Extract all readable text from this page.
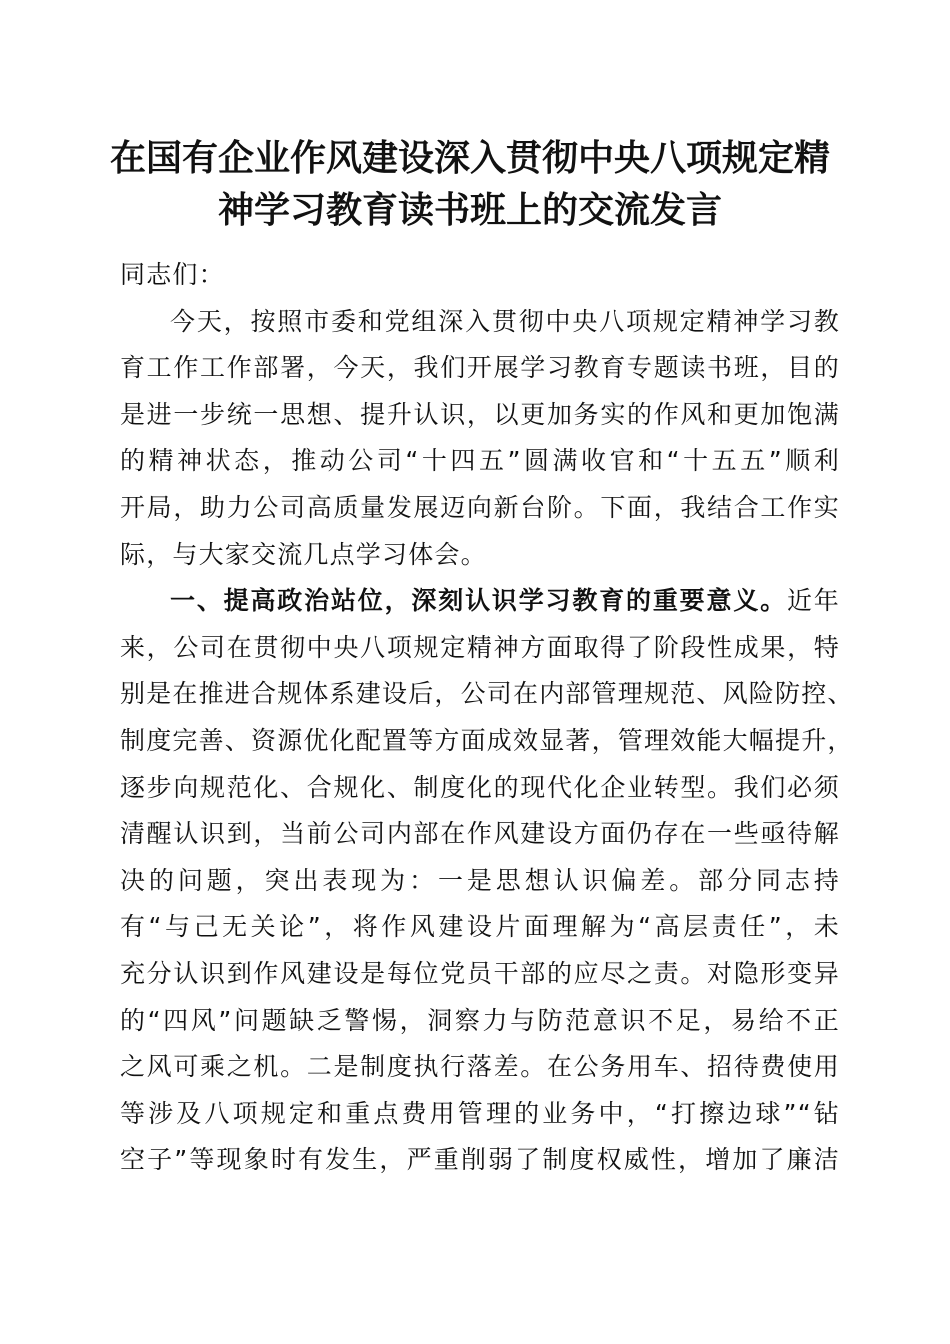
在国有企业作风建设深入贯彻中央八项规定精
神学习教育读书班上的交流发言

同志们：

今天，按照市委和党组深入贯彻中央八项规定精神学习教
育工作工作部署，今天，我们开展学习教育专题读书班，目的
是进一步统一思想、提升认识，以更加务实的作风和更加饱满
的精神状态，推动公司“十四五”圆满收官和“十五五”顺利
开局，助力公司高质量发展迈向新台阶。下面，我结合工作实
际，与大家交流几点学习体会。
一、提高政治站位，深刻认识学习教育的重要意义。近年
来，公司在贯彻中央八项规定精神方面取得了阶段性成果，特
别是在推进合规体系建设后，公司在内部管理规范、风险防控、
制度完善、资源优化配置等方面成效显著，管理效能大幅提升，
逐步向规范化、合规化、制度化的现代化企业转型。我们必须
清醒认识到，当前公司内部在作风建设方面仍存在一些亟待解
决的问题，突出表现为：一是思想认识偏差。部分同志持
有“与己无关论”，将作风建设片面理解为“高层责任”，未
充分认识到作风建设是每位党员干部的应尽之责。对隐形变异
的“四风”问题缺乏警惕，洞察力与防范意识不足，易给不正
之风可乘之机。二是制度执行落差。在公务用车、招待费使用
等涉及八项规定和重点费用管理的业务中，“打擦边球”“钻
空子”等现象时有发生，严重削弱了制度权威性，增加了廉洁
